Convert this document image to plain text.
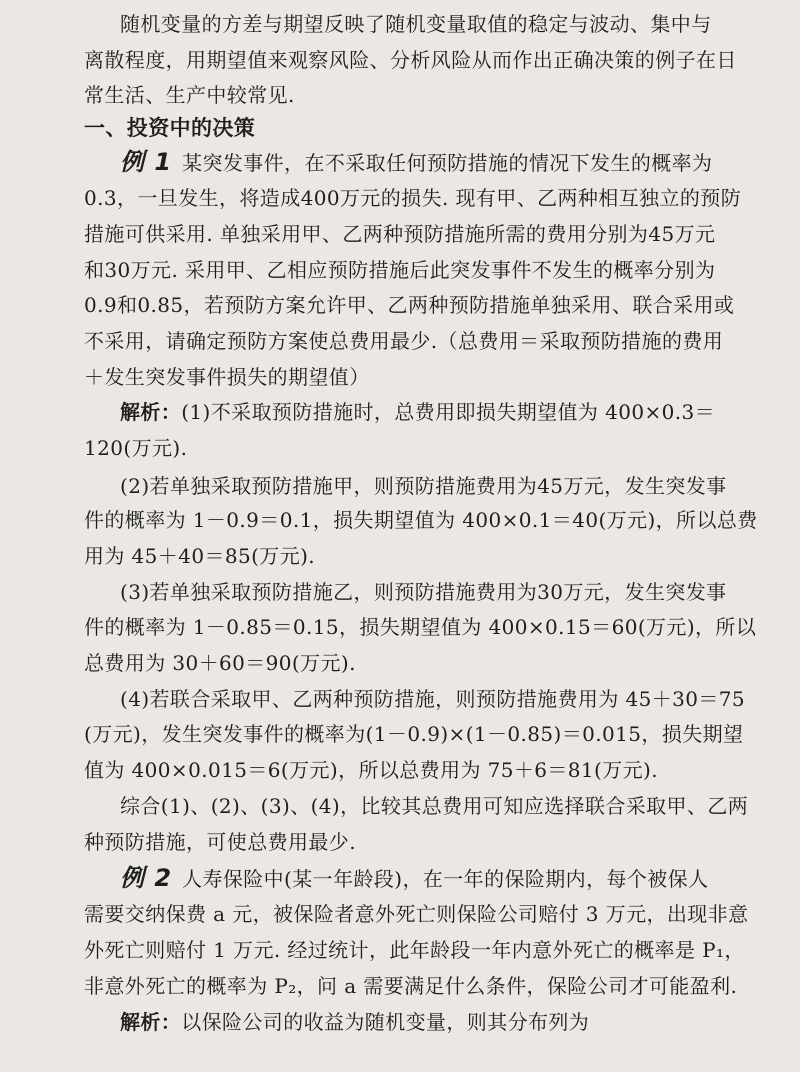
随机变量的方差与期望反映了随机变量取值的稳定与波动、集中与
离散程度，用期望值来观察风险、分析风险从而作出正确决策的例子在日
常生活、生产中较常见.
一、投资中的决策
例 1 某突发事件，在不采取任何预防措施的情况下发生的概率为
0.3，一旦发生，将造成400万元的损失. 现有甲、乙两种相互独立的预防
措施可供采用. 单独采用甲、乙两种预防措施所需的费用分别为45万元
和30万元. 采用甲、乙相应预防措施后此突发事件不发生的概率分别为
0.9和0.85，若预防方案允许甲、乙两种预防措施单独采用、联合采用或
不采用，请确定预防方案使总费用最少.（总费用＝采取预防措施的费用
＋发生突发事件损失的期望值）
解析：(1)不采取预防措施时，总费用即损失期望值为 400×0.3＝
120(万元).
(2)若单独采取预防措施甲，则预防措施费用为45万元，发生突发事
件的概率为 1－0.9＝0.1，损失期望值为 400×0.1＝40(万元)，所以总费
用为 45＋40＝85(万元).
(3)若单独采取预防措施乙，则预防措施费用为30万元，发生突发事
件的概率为 1－0.85＝0.15，损失期望值为 400×0.15＝60(万元)，所以
总费用为 30＋60＝90(万元).
(4)若联合采取甲、乙两种预防措施，则预防措施费用为 45＋30＝75
(万元)，发生突发事件的概率为(1－0.9)×(1－0.85)＝0.015，损失期望
值为 400×0.015＝6(万元)，所以总费用为 75＋6＝81(万元).
综合(1)、(2)、(3)、(4)，比较其总费用可知应选择联合采取甲、乙两
种预防措施，可使总费用最少.
例 2 人寿保险中(某一年龄段)，在一年的保险期内，每个被保人
需要交纳保费 a 元，被保险者意外死亡则保险公司赔付 3 万元，出现非意
外死亡则赔付 1 万元. 经过统计，此年龄段一年内意外死亡的概率是 P₁，
非意外死亡的概率为 P₂，问 a 需要满足什么条件，保险公司才可能盈利.
解析：以保险公司的收益为随机变量，则其分布列为
